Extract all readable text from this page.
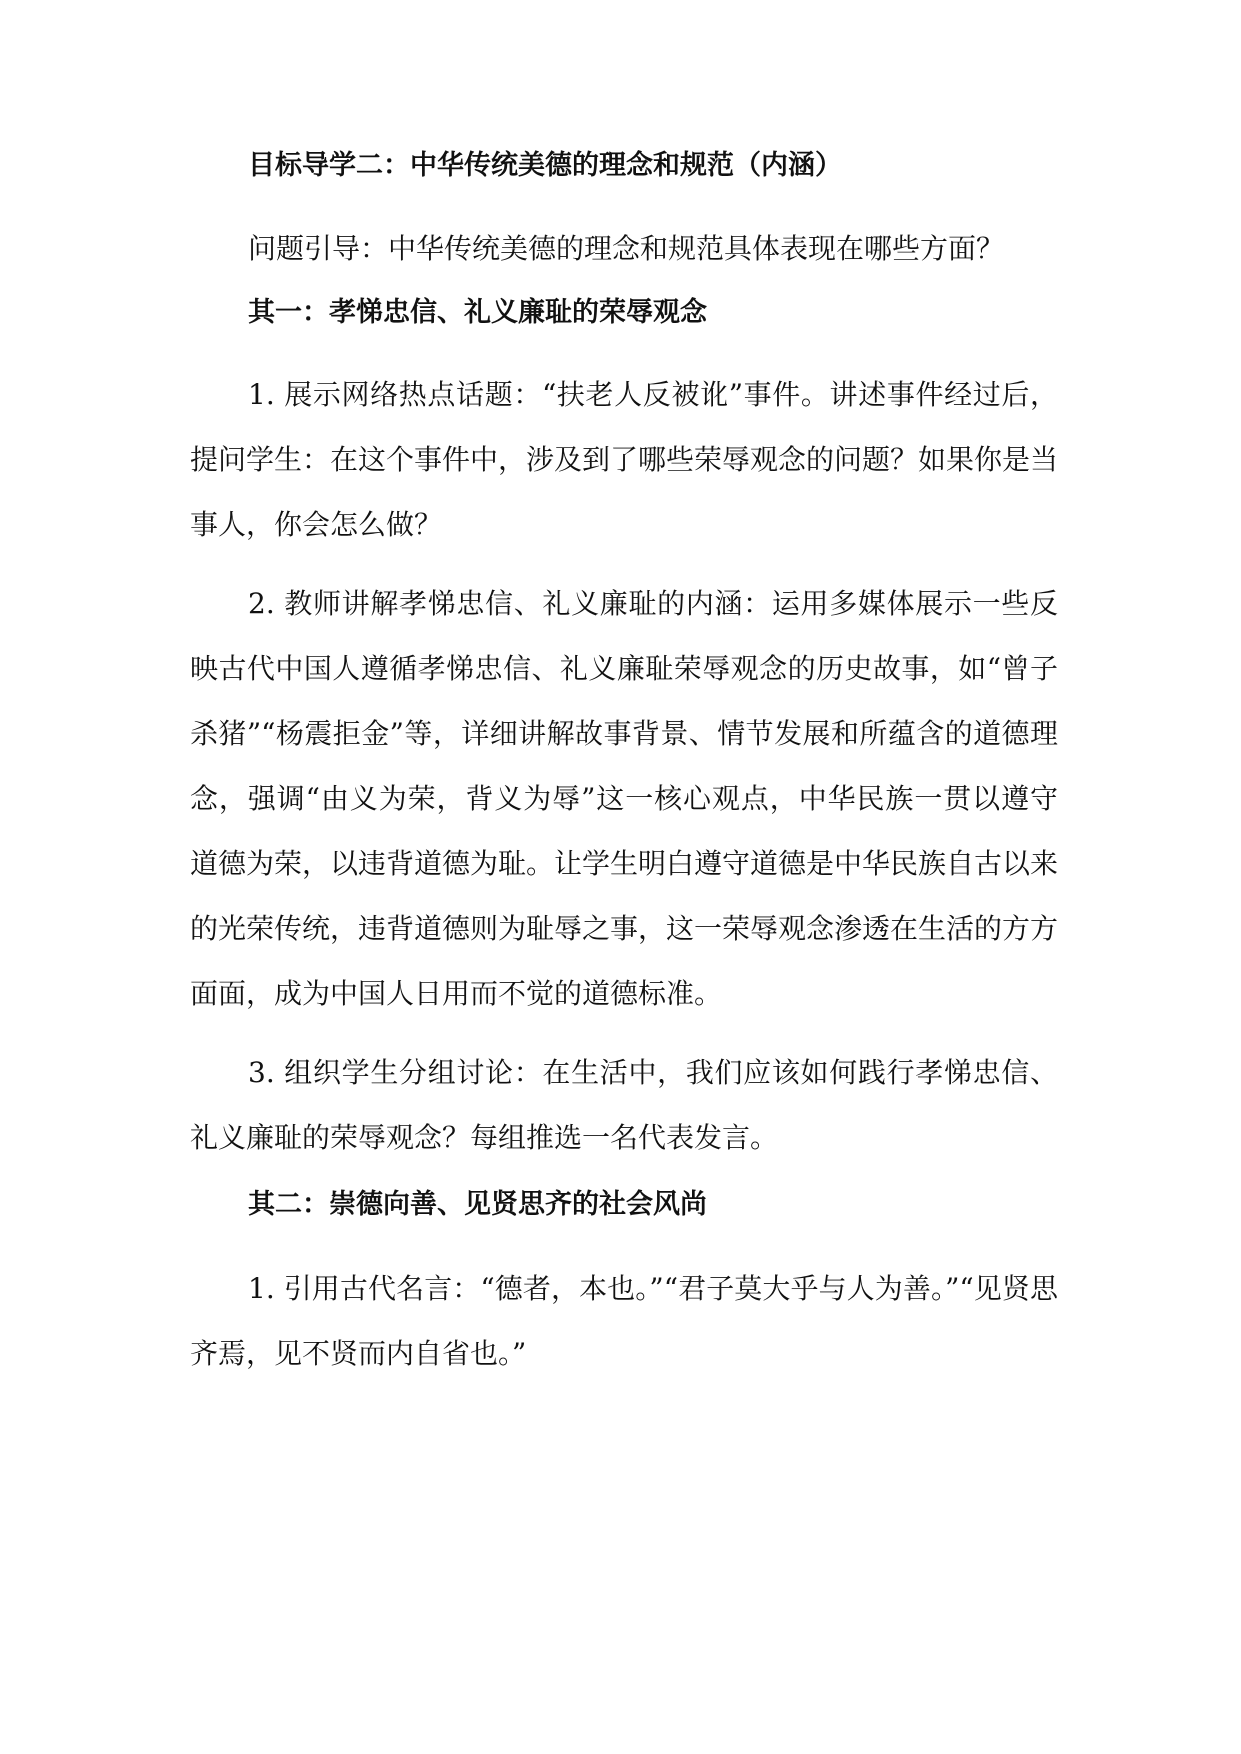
目标导学二：中华传统美德的理念和规范（内涵）
问题引导：中华传统美德的理念和规范具体表现在哪些方面？
其一：孝悌忠信、礼义廉耻的荣辱观念
1. 展示网络热点话题：“扶老人反被讹”事件。讲述事件经过后，提问学生：在这个事件中，涉及到了哪些荣辱观念的问题？如果你是当事人，你会怎么做？
2. 教师讲解孝悌忠信、礼义廉耻的内涵：运用多媒体展示一些反映古代中国人遵循孝悌忠信、礼义廉耻荣辱观念的历史故事，如“曾子杀猪”“杨震拒金”等，详细讲解故事背景、情节发展和所蕴含的道德理念，强调“由义为荣，背义为辱”这一核心观点，中华民族一贯以遵守道德为荣，以违背道德为耻。让学生明白遵守道德是中华民族自古以来的光荣传统，违背道德则为耻辱之事，这一荣辱观念渗透在生活的方方面面，成为中国人日用而不觉的道德标准。
3. 组织学生分组讨论：在生活中，我们应该如何践行孝悌忠信、礼义廉耻的荣辱观念？每组推选一名代表发言。
其二：崇德向善、见贤思齐的社会风尚
1. 引用古代名言：“德者，本也。”“君子莫大乎与人为善。”“见贤思齐焉，见不贤而内自省也。”
